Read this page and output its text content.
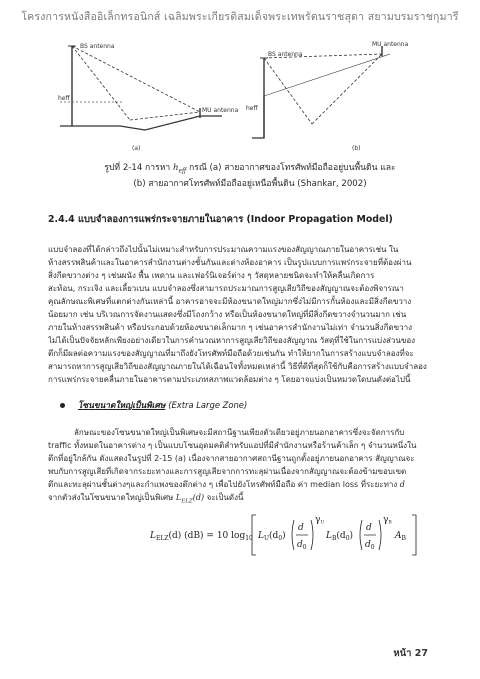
โครงการหนังสืออิเล็กทรอนิกส์ เฉลิมพระเกียรติสมเด็จพระเทพรัตนราชสุดา สยามบรมราชกุมารี
BS antenna
heff
MU antenna
(a)
BS antenna
heff
MU antenna
(b)
รูปที่ 2-14 การหา $h_{eff}$ กรณี (a) สายอากาศของโทรศัพท์มือถืออยู่บนพื้นดิน และ
(b) สายอากาศโทรศัพท์มือถืออยู่เหนือพื้นดิน (Shankar, 2002)
2.4.4 แบบจำลองการแพร่กระจายภายในอาคาร (Indoor Propagation Model)
แบบจำลองที่ได้กล่าวถึงไปนั้นไม่เหมาะสำหรับการประมาณความแรงของสัญญาณภายในอาคารเช่น ใน
ห้างสรรพสินค้าและในอาคารสำนักงานต่างชั้นกันและต่างห้องอาคาร เป็นรูปแบบการแพร่กระจายที่ต้องผ่าน
สิ่งกีดขวางต่าง ๆ เช่นผนัง พื้น เพดาน และเฟอร์นิเจอร์ต่าง ๆ วัสดุหลายชนิดจะทำให้คลื่นเกิดการ
สะท้อน, กระเจิง และเลี้ยวเบน แบบจำลองซึ่งสามารถประมาณการสูญเสียวิถีของสัญญาณจะต้องพิจารณา
คุณลักษณะพิเศษที่แตกต่างกันเหล่านี้ อาคารอาจจะมีห้องขนาดใหญ่มากซึ่งไม่มีการกั้นห้องและมีสิ่งกีดขวาง
น้อยมาก เช่น บริเวณการจัดงานแสดงซึ่งมีโถงกว้าง หรือเป็นห้องขนาดใหญ่ที่มีสิ่งกีดขวางจำนวนมาก เช่น
ภายในห้างสรรพสินค้า หรือประกอบด้วยห้องขนาดเล็กมาก ๆ เช่นอาคารสำนักงานไม่เท่า จำนวนสิ่งกีดขวาง
ไม่ได้เป็นปัจจัยหลักเพียงอย่างเดียวในการคำนวณหาการสูญเสียวิถีของสัญญาณ วัสดุที่ใช้ในการแบ่งส่วนของ
ตึกก็มีผลต่อความแรงของสัญญาณที่มาถึงยังโทรศัพท์มือถือด้วยเช่นกัน ทำให้ยากในการสร้างแบบจำลองที่จะ
สามารถหาการสูญเสียวิถีของสัญญาณภายในได้เฉือนใจทั้งหมดเหล่านี้ วิธีที่ดีที่สุดก็ใช้กับคือการสร้างแบบจำลอง
การแพร่กระจายคลื่นภายในอาคารตามประเภทสภาพแวดล้อมต่าง ๆ โดยอาจแบ่งเป็นหมวดใดบนดังต่อไปนี้
โซนขนาดใหญ่เป็นพิเศษ (Extra Large Zone)
ลักษณะของโซนขนาดใหญ่เป็นพิเศษจะมีสถานีฐานเพียงตัวเดียวอยู่ภายนอกอาคารซึ่งจะจัดการกับ
traffic ทั้งหมดในอาคารต่าง ๆ เป็นแบบโซนอุดมคติสำหรับแอปที่มีสำนักงานหรือร้านค้าเล็ก ๆ จำนวนหนึ่งใน
ตึกที่อยู่ใกล้กัน ดังแสดงในรูปที่ 2-15 (a) เนื่องจากสายอากาศสถานีฐานถูกตั้งอยู่ภายนอกอาคาร สัญญาณจะ
พบกับการสูญเสียที่เกิดจากระยะทางและการสูญเสียจากการทะลุผ่านเนื่องจากสัญญาณจะต้องข้ามขอบเขต
ตึกและทะลุผ่านชั้นต่างๆและกำแพงของตึกต่าง ๆ เพื่อไปยังโทรศัพท์มือถือ ค่า median loss ที่ระยะทาง d
จากตัวส่งในโซนขนาดใหญ่เป็นพิเศษ $L_{ELZ}(d)$ จะเป็นดังนี้
$L_{ELZ}(d) (dB) = 10$ $\log_{10} L_U(d_0)$
d
$d_0$
γU
$L_B(d_0)$
d
$d_0$
γB
$A_B$
หน้า 27
